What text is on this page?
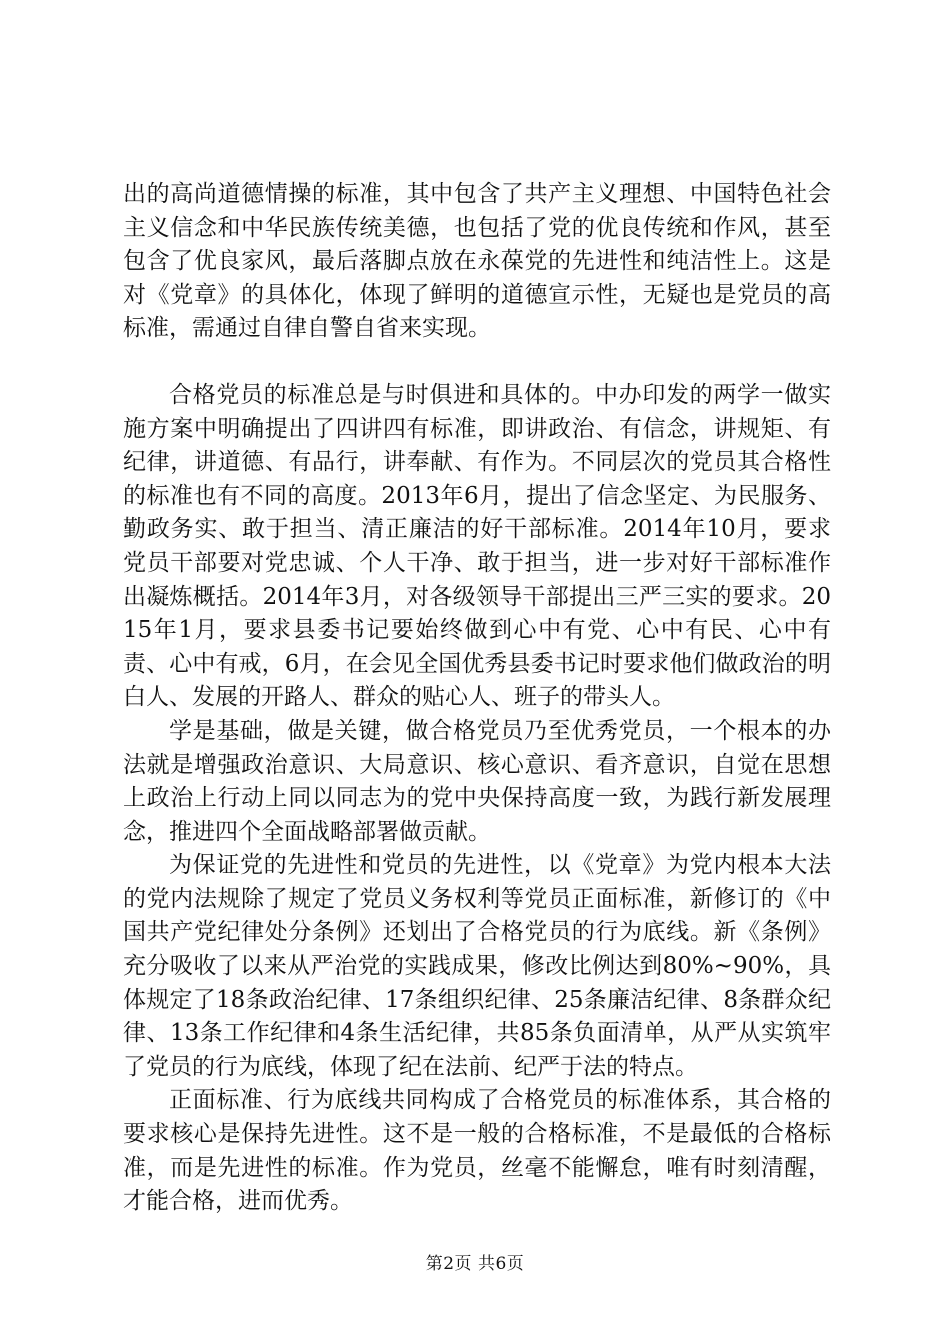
出的高尚道德情操的标准，其中包含了共产主义理想、中国特色社会主义信念和中华民族传统美德，也包括了党的优良传统和作风，甚至包含了优良家风，最后落脚点放在永葆党的先进性和纯洁性上。这是对《党章》的具体化，体现了鲜明的道德宣示性，无疑也是党员的高标准，需通过自律自警自省来实现。

合格党员的标准总是与时俱进和具体的。中办印发的两学一做实施方案中明确提出了四讲四有标准，即讲政治、有信念，讲规矩、有纪律，讲道德、有品行，讲奉献、有作为。不同层次的党员其合格性的标准也有不同的高度。2013年6月，提出了信念坚定、为民服务、勤政务实、敢于担当、清正廉洁的好干部标准。2014年10月，要求党员干部要对党忠诚、个人干净、敢于担当，进一步对好干部标准作出凝炼概括。2014年3月，对各级领导干部提出三严三实的要求。2015年1月，要求县委书记要始终做到心中有党、心中有民、心中有责、心中有戒，6月，在会见全国优秀县委书记时要求他们做政治的明白人、发展的开路人、群众的贴心人、班子的带头人。

学是基础，做是关键，做合格党员乃至优秀党员，一个根本的办法就是增强政治意识、大局意识、核心意识、看齐意识，自觉在思想上政治上行动上同以同志为的党中央保持高度一致，为践行新发展理念，推进四个全面战略部署做贡献。

为保证党的先进性和党员的先进性，以《党章》为党内根本大法的党内法规除了规定了党员义务权利等党员正面标准，新修订的《中国共产党纪律处分条例》还划出了合格党员的行为底线。新《条例》充分吸收了以来从严治党的实践成果，修改比例达到80%~90%，具体规定了18条政治纪律、17条组织纪律、25条廉洁纪律、8条群众纪律、13条工作纪律和4条生活纪律，共85条负面清单，从严从实筑牢了党员的行为底线，体现了纪在法前、纪严于法的特点。

正面标准、行为底线共同构成了合格党员的标准体系，其合格的要求核心是保持先进性。这不是一般的合格标准，不是最低的合格标准，而是先进性的标准。作为党员，丝毫不能懈怠，唯有时刻清醒，才能合格，进而优秀。

第2页 共6页
